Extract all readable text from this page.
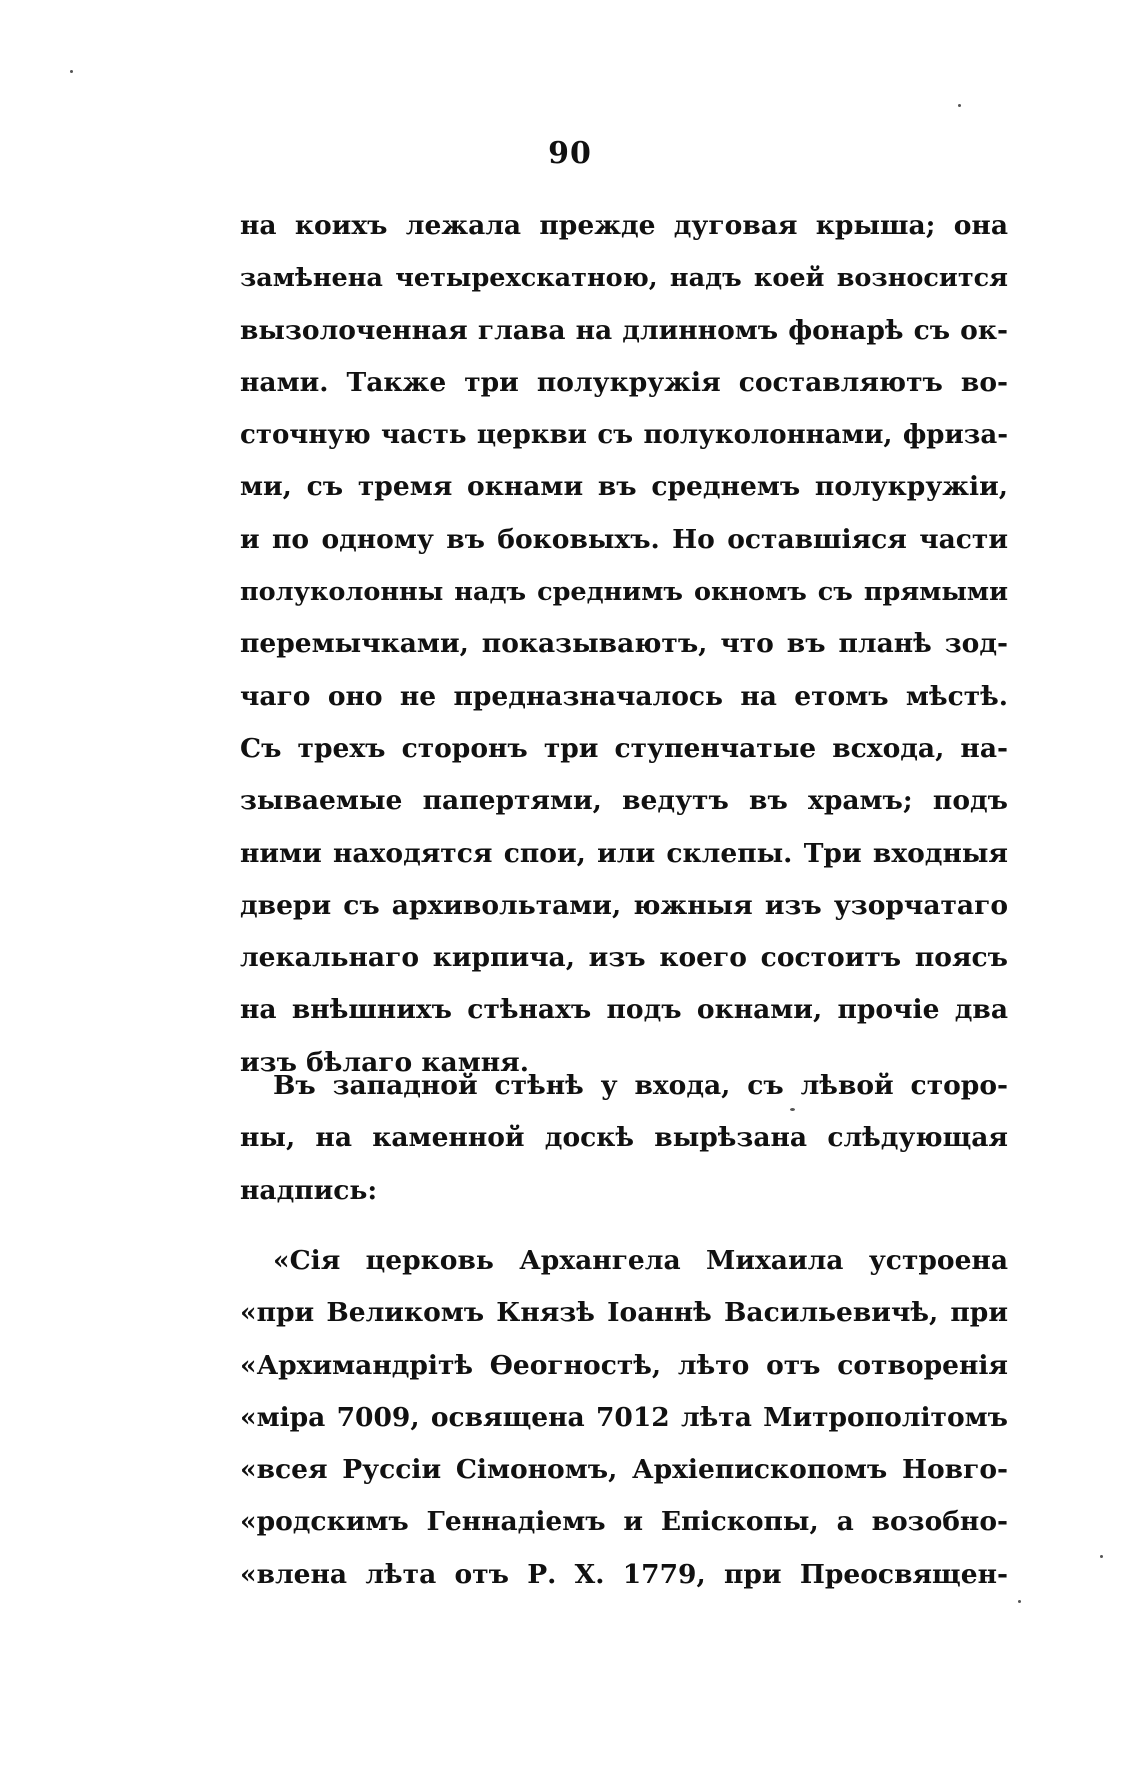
90
на коихъ лежала прежде дуговая крыша; она
замѣнена четырехскатною, надъ коей возносится
вызолоченная глава на длинномъ фонарѣ съ ок-
нами. Также три полукружія составляютъ во-
сточную часть церкви съ полуколоннами, фриза-
ми, съ тремя окнами въ среднемъ полукружіи,
и по одному въ боковыхъ. Но оставшіяся части
полуколонны надъ среднимъ окномъ съ прямыми
перемычками, показываютъ, что въ планѣ зод-
чаго оно не предназначалось на етомъ мѣстѣ.
Съ трехъ сторонъ три ступенчатые всхода, на-
зываемые папертями, ведутъ въ храмъ; подъ
ними находятся спои, или склепы. Три входныя
двери съ архивольтами, южныя изъ узорчатаго
лекальнаго кирпича, изъ коего состоитъ поясъ
на внѣшнихъ стѣнахъ подъ окнами, прочіе два
изъ бѣлаго камня.
Въ западной стѣнѣ у входа, съ лѣвой сторо-
ны, на каменной доскѣ вырѣзана слѣдующая
надпись:
«Сія церковь Архангела Михаила устроена
«при Великомъ Князѣ Іоаннѣ Васильевичѣ, при
«Архимандрітѣ Ѳеогностѣ, лѣто отъ сотворенія
«міра 7009, освящена 7012 лѣта Митрополітомъ
«всея Руссіи Сімономъ, Архіепископомъ Новго-
«родскимъ Геннадіемъ и Епіскопы, а возобно-
«влена лѣта отъ Р. Х. 1779, при Преосвящен-
